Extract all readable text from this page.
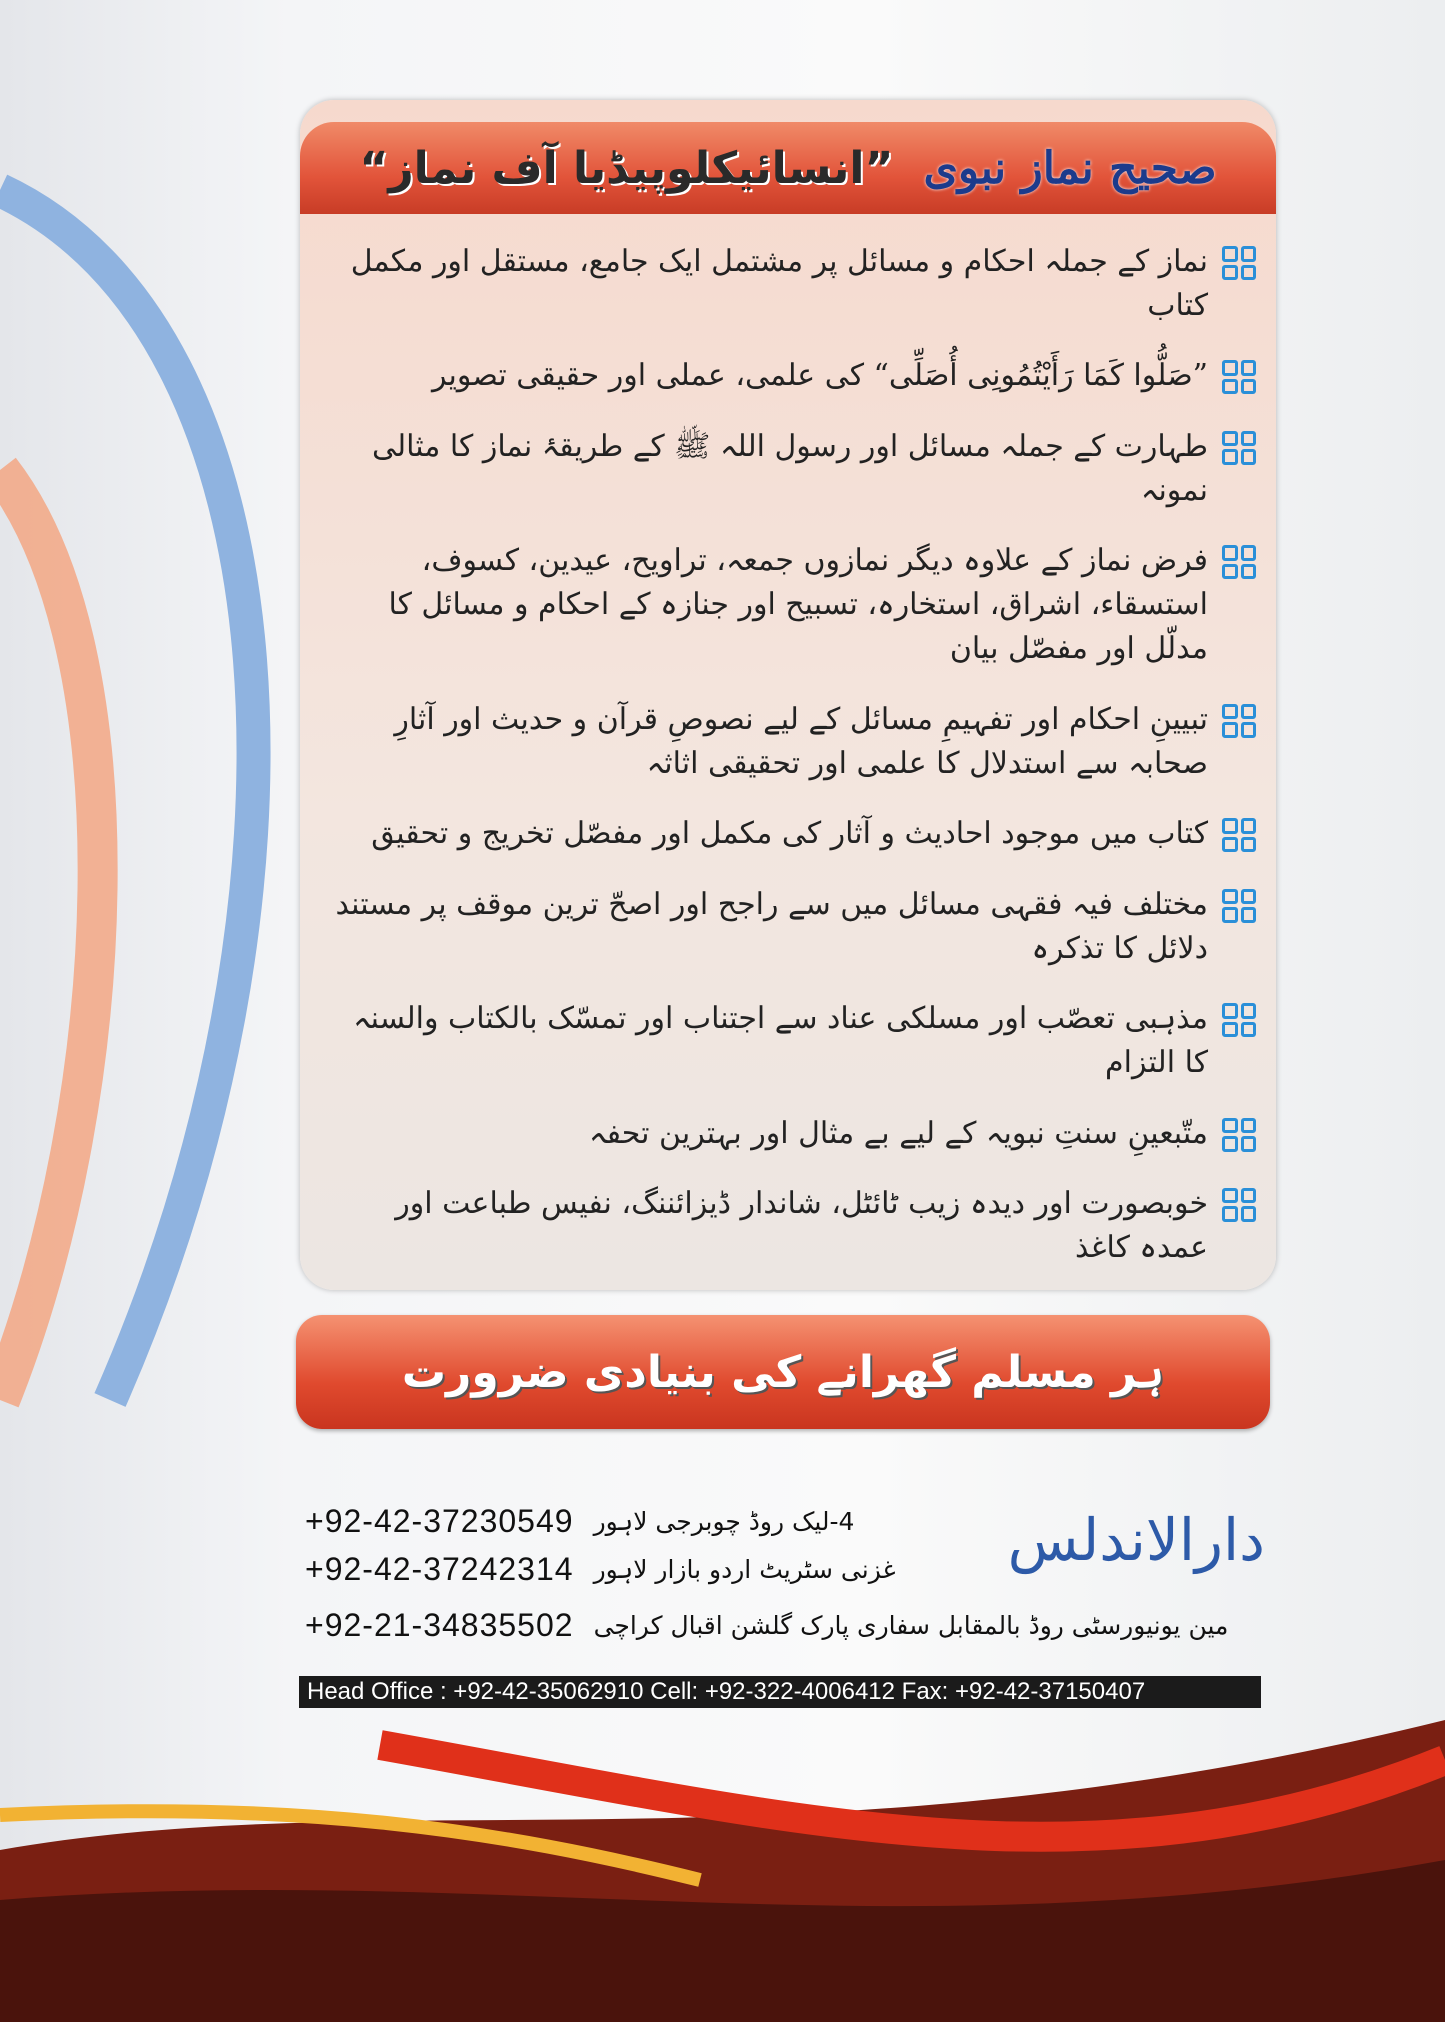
صحیح نماز نبوی
”انسائیکلوپیڈیا آف نماز“
نماز کے جملہ احکام و مسائل پر مشتمل ایک جامع، مستقل اور مکمل کتاب
”صَلُّوا کَمَا رَأَیْتُمُونِی أُصَلِّی“ کی علمی، عملی اور حقیقی تصویر
طہارت کے جملہ مسائل اور رسول اللہ ﷺ کے طریقۂ نماز کا مثالی نمونہ
فرض نماز کے علاوہ دیگر نمازوں جمعہ، تراویح، عیدین، کسوف، استسقاء، اشراق، استخارہ، تسبیح اور جنازہ کے احکام و مسائل کا مدلّل اور مفصّل بیان
تبیینِ احکام اور تفہیمِ مسائل کے لیے نصوصِ قرآن و حدیث اور آثارِ صحابہ سے استدلال کا علمی اور تحقیقی اثاثہ
کتاب میں موجود احادیث و آثار کی مکمل اور مفصّل تخریج و تحقیق
مختلف فیہ فقہی مسائل میں سے راجح اور اصحّ ترین موقف پر مستند دلائل کا تذکرہ
مذہبی تعصّب اور مسلکی عناد سے اجتناب اور تمسّک بالکتاب والسنہ کا التزام
متّبعینِ سنتِ نبویہ کے لیے بے مثال اور بہترین تحفہ
خوبصورت اور دیدہ زیب ٹائٹل، شاندار ڈیزائننگ، نفیس طباعت اور عمدہ کاغذ
ہر مسلم گھرانے کی بنیادی ضرورت
دارالاندلس
+92-42-37230549 4-لیک روڈ چوبرجی لاہور
+92-42-37242314 غزنی سٹریٹ اردو بازار لاہور
+92-21-34835502 مین یونیورسٹی روڈ بالمقابل سفاری پارک گلشن اقبال کراچی
Head Office : +92-42-35062910 Cell: +92-322-4006412 Fax: +92-42-37150407
